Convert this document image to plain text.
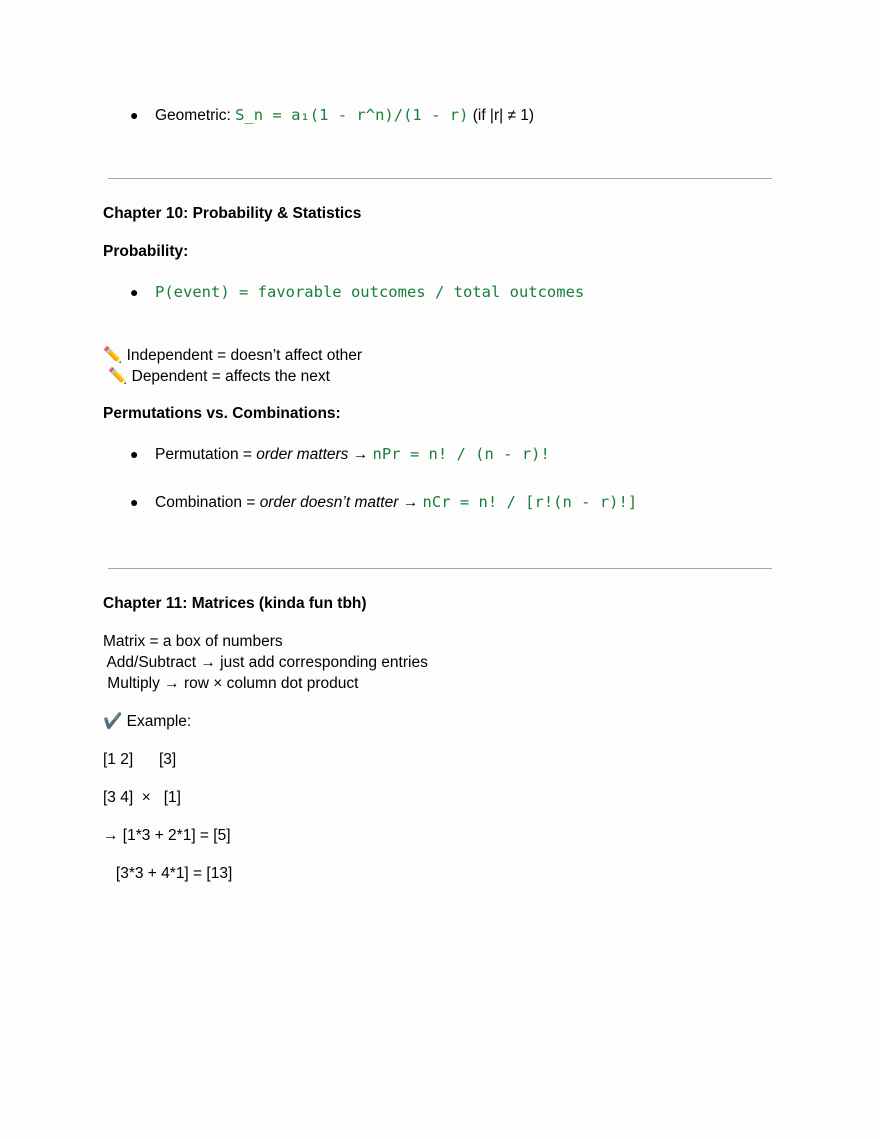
● Geometric: S_n = a₁(1 - r^n)/(1 - r) (if |r| ≠ 1)
Chapter 10: Probability & Statistics
Probability:
● P(event) = favorable outcomes / total outcomes
✏️ Independent = doesn’t affect other
✏️ Dependent = affects the next
Permutations vs. Combinations:
● Permutation = order matters → nPr = n! / (n - r)!
● Combination = order doesn’t matter → nCr = n! / [r!(n - r)!]
Chapter 11: Matrices (kinda fun tbh)
Matrix = a box of numbers
Add/Subtract → just add corresponding entries
Multiply → row × column dot product
✔️ Example:
[1 2]      [3]
[3 4]  ×   [1]
→ [1*3 + 2*1] = [5]
[3*3 + 4*1] = [13]
